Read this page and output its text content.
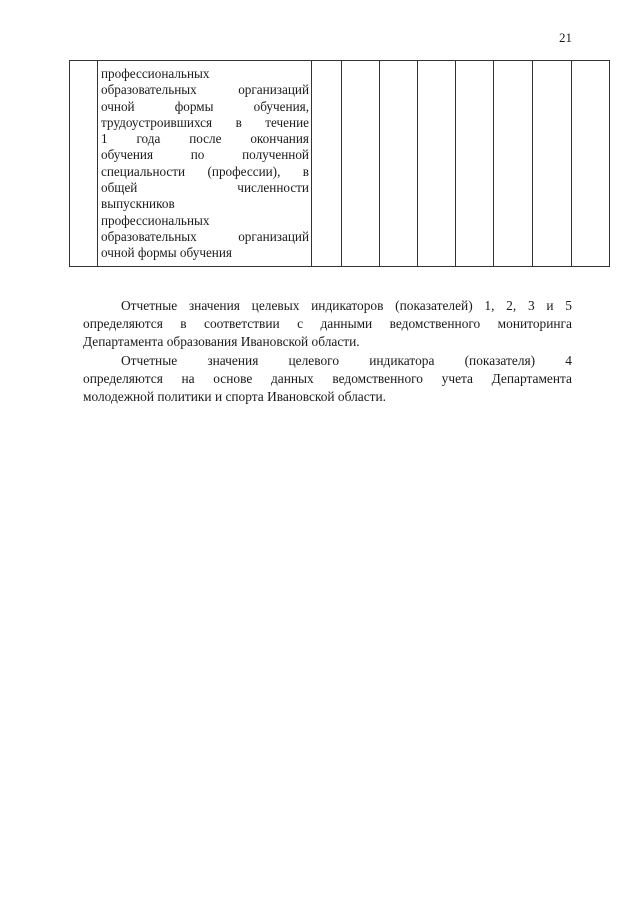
21

профессиональных
образовательных организаций
очной формы обучения,
трудоустроившихся в течение
1 года после окончания
обучения по полученной
специальности (профессии), в
общей численности
выпускников
профессиональных
образовательных организаций
очной формы обучения

Отчетные значения целевых индикаторов (показателей) 1, 2, 3 и 5
определяются в соответствии с данными ведомственного мониторинга
Департамента образования Ивановской области.
Отчетные значения целевого индикатора (показателя) 4
определяются на основе данных ведомственного учета Департамента
молодежной политики и спорта Ивановской области.
